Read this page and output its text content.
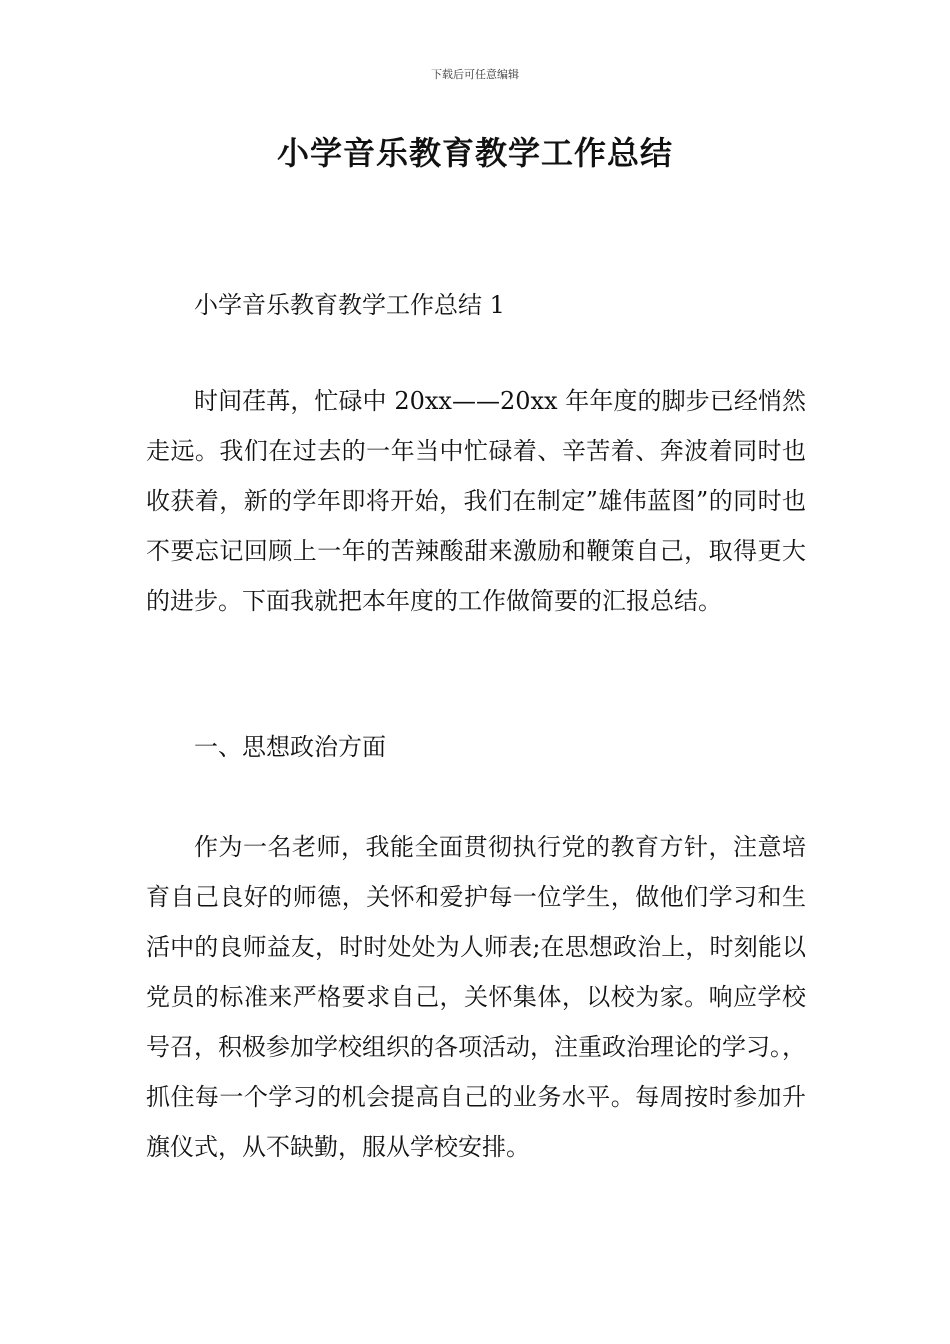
下载后可任意编辑
小学音乐教育教学工作总结
小学音乐教育教学工作总结 1
时间荏苒，忙碌中 20xx——20xx 年年度的脚步已经悄然走远。我们在过去的一年当中忙碌着、辛苦着、奔波着同时也收获着，新的学年即将开始，我们在制定”雄伟蓝图”的同时也不要忘记回顾上一年的苦辣酸甜来激励和鞭策自己，取得更大的进步。下面我就把本年度的工作做简要的汇报总结。
一、思想政治方面
作为一名老师，我能全面贯彻执行党的教育方针，注意培育自己良好的师德，关怀和爱护每一位学生，做他们学习和生活中的良师益友，时时处处为人师表;在思想政治上，时刻能以党员的标准来严格要求自己，关怀集体，以校为家。响应学校号召，积极参加学校组织的各项活动，注重政治理论的学习。，抓住每一个学习的机会提高自己的业务水平。每周按时参加升旗仪式，从不缺勤，服从学校安排。
